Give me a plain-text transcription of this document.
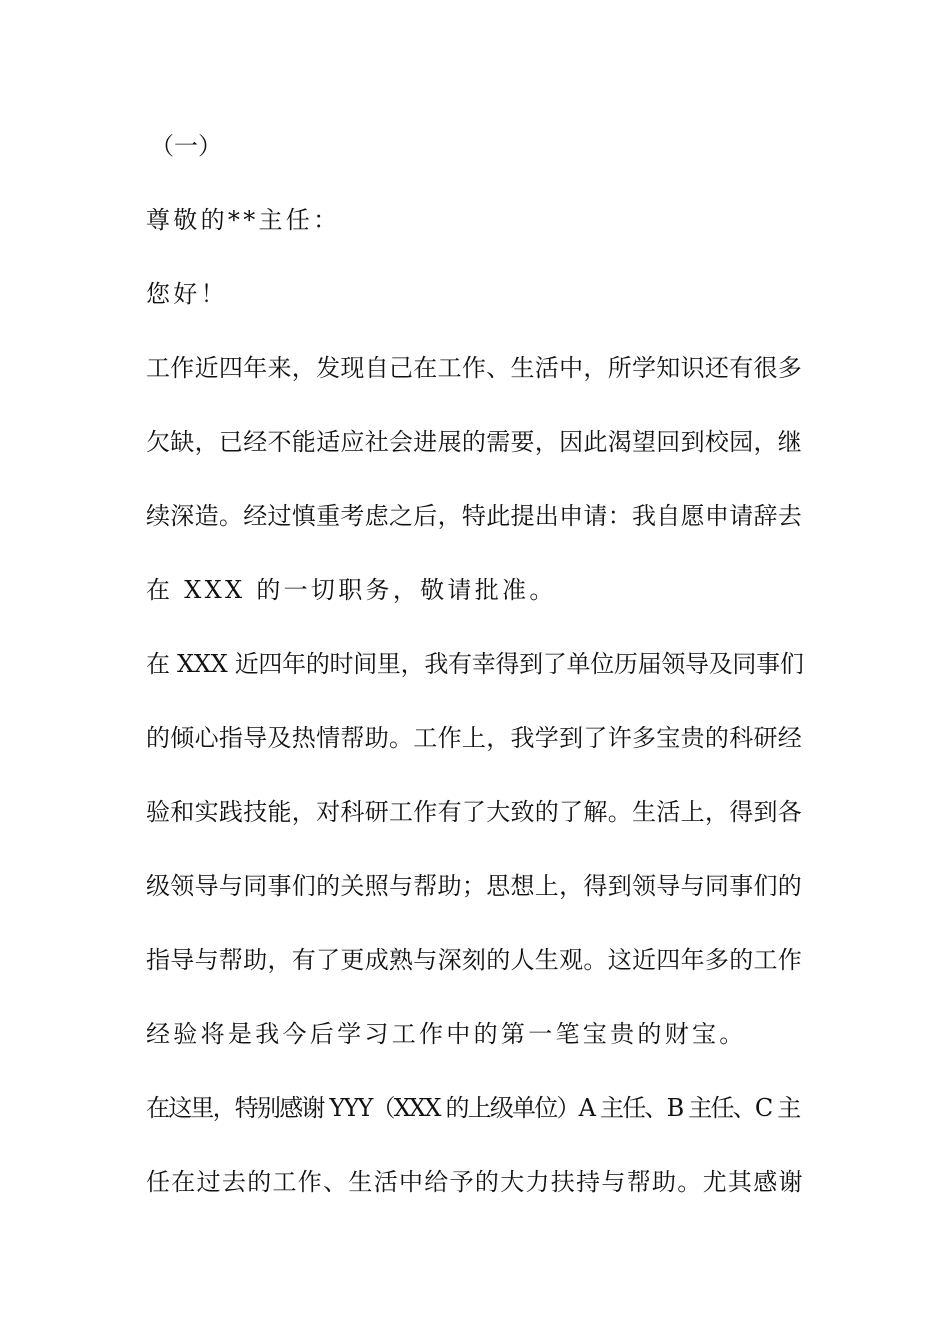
（一）

尊敬的**主任：

您好！

工作近四年来，发现自己在工作、生活中，所学知识还有很多
欠缺，已经不能适应社会进展的需要，因此渴望回到校园，继
续深造。经过慎重考虑之后，特此提出申请：我自愿申请辞去
在 XXX 的一切职务，敬请批准。

在 XXX 近四年的时间里，我有幸得到了单位历届领导及同事们
的倾心指导及热情帮助。工作上，我学到了许多宝贵的科研经
验和实践技能，对科研工作有了大致的了解。生活上，得到各
级领导与同事们的关照与帮助；思想上，得到领导与同事们的
指导与帮助，有了更成熟与深刻的人生观。这近四年多的工作
经验将是我今后学习工作中的第一笔宝贵的财宝。

在这里，特别感谢 YYY（XXX 的上级单位）A 主任、B 主任、C 主
任在过去的工作、生活中给予的大力扶持与帮助。尤其感谢
